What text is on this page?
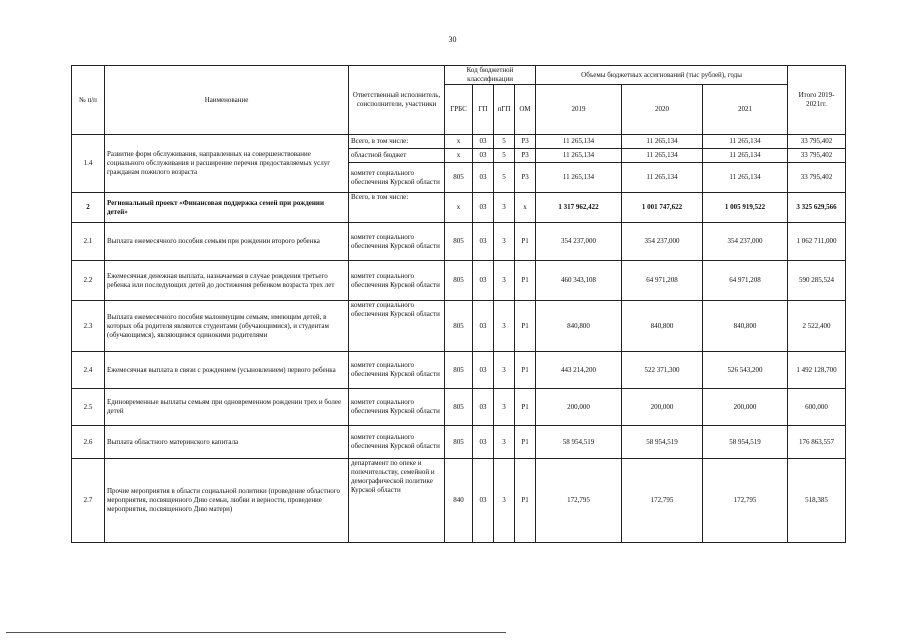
30
№ п/п	Наименование	Ответственный исполнитель, соисполнители, участники	Код бюджетной классификации				Объемы бюджетных ассигнований (тыс рублей), годы			Итого 2019-2021гг.
			ГРБС	ГП	пГП	ОМ	2019	2020	2021	
1.4	Развитие форм обслуживания, направленных на совершенствование социального обслуживания и расширение перечня предоставляемых услуг гражданам пожилого возраста	Всего, в том числе:	x	03	5	P3	11 265,134	11 265,134	11 265,134	33 795,402
		областной бюджет	x	03	5	P3	11 265,134	11 265,134	11 265,134	33 795,402
		комитет социального обеспечения Курской области	805	03	5	P3	11 265,134	11 265,134	11 265,134	33 795,402
2	Региональный проект «Финансовая поддержка семей при рождении детей»	Всего, в том числе:	x	03	3	x	1 317 962,422	1 001 747,622	1 005 919,522	3 325 629,566
2.1	Выплата ежемесячного пособия семьям при рождении второго ребенка	комитет социального обеспечения Курской области	805	03	3	P1	354 237,000	354 237,000	354 237,000	1 062 711,000
2.2	Ежемесячная денежная выплата, назначаемая в случае рождения третьего ребенка или последующих детей до достижения ребенком возраста трех лет	комитет социального обеспечения Курской области	805	03	3	P1	460 343,108	64 971,208	64 971,208	590 285,524
2.3	Выплата ежемесячного пособия малоимущим семьям, имеющим детей, в которых оба родителя являются студентами (обучающимися), и студентам (обучающимся), являющимся одинокими родителями	комитет социального обеспечения Курской области	805	03	3	P1	840,800	840,800	840,800	2 522,400
2.4	Ежемесячная выплата в связи с рождением (усыновлением) первого ребенка	комитет социального обеспечения Курской области	805	03	3	P1	443 214,200	522 371,300	526 543,200	1 492 128,700
2.5	Единовременные выплаты семьям при одновременном рождении трех и более детей	комитет социального обеспечения Курской области	805	03	3	P1	200,000	200,000	200,000	600,000
2.6	Выплата областного материнского капитала	комитет социального обеспечения Курской области	805	03	3	P1	58 954,519	58 954,519	58 954,519	176 863,557
2.7	Прочие мероприятия в области социальной политики (проведение областного мероприятия, посвященного Дню семьи, любви и верности, проведение мероприятия, посвященного Дню матери)	департамент по опеке и попечительству, семейной и демографической политике Курской области	840	03	3	P1	172,795	172,795	172,795	518,385
